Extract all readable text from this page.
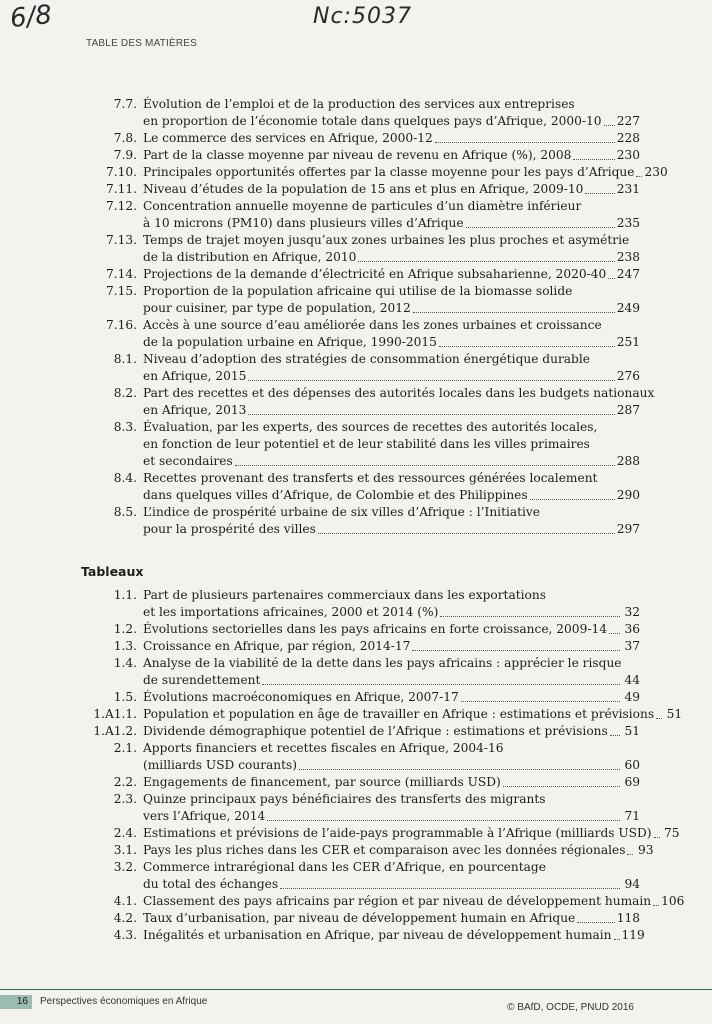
6/8	Nc:5037
TABLE DES MATIÈRES
7.7. Évolution de l’emploi et de la production des services aux entreprises
en proportion de l’économie totale dans quelques pays d’Afrique, 2000-10 227
7.8. Le commerce des services en Afrique, 2000-12	228
7.9. Part de la classe moyenne par niveau de revenu en Afrique (%), 2008	230
7.10. Principales opportunités offertes par la classe moyenne pour les pays d’Afrique 230
7.11. Niveau d’études de la population de 15 ans et plus en Afrique, 2009-10	231
7.12. Concentration annuelle moyenne de particules d’un diamètre inférieur
à 10 microns (PM10) dans plusieurs villes d’Afrique	235
7.13. Temps de trajet moyen jusqu’aux zones urbaines les plus proches et asymétrie
de la distribution en Afrique, 2010	238
7.14. Projections de la demande d’électricité en Afrique subsaharienne, 2020-40 247
7.15. Proportion de la population africaine qui utilise de la biomasse solide
pour cuisiner, par type de population, 2012	249
7.16. Accès à une source d’eau améliorée dans les zones urbaines et croissance
de la population urbaine en Afrique, 1990-2015	251
8.1. Niveau d’adoption des stratégies de consommation énergétique durable
en Afrique, 2015	276
8.2. Part des recettes et des dépenses des autorités locales dans les budgets nationaux
en Afrique, 2013	287
8.3. Évaluation, par les experts, des sources de recettes des autorités locales,
en fonction de leur potentiel et de leur stabilité dans les villes primaires
et secondaires	288
8.4. Recettes provenant des transferts et des ressources générées localement
dans quelques villes d’Afrique, de Colombie et des Philippines	290
8.5. L’indice de prospérité urbaine de six villes d’Afrique : l’Initiative
pour la prospérité des villes	297
Tableaux
1.1. Part de plusieurs partenaires commerciaux dans les exportations
et les importations africaines, 2000 et 2014 (%)	32
1.2. Évolutions sectorielles dans les pays africains en forte croissance, 2009-14 36
1.3. Croissance en Afrique, par région, 2014-17	37
1.4. Analyse de la viabilité de la dette dans les pays africains : apprécier le risque
de surendettement	44
1.5. Évolutions macroéconomiques en Afrique, 2007-17	49
1.A1.1. Population et population en âge de travailler en Afrique : estimations et prévisions 51
1.A1.2. Dividende démographique potentiel de l’Afrique : estimations et prévisions 51
2.1. Apports financiers et recettes fiscales en Afrique, 2004-16
(milliards USD courants)	60
2.2. Engagements de financement, par source (milliards USD)	69
2.3. Quinze principaux pays bénéficiaires des transferts des migrants
vers l’Afrique, 2014	71
2.4. Estimations et prévisions de l’aide-pays programmable à l’Afrique (milliards USD) 75
3.1. Pays les plus riches dans les CER et comparaison avec les données régionales 93
3.2. Commerce intrarégional dans les CER d’Afrique, en pourcentage
du total des échanges	94
4.1. Classement des pays africains par région et par niveau de développement humain 106
4.2. Taux d’urbanisation, par niveau de développement humain en Afrique	118
4.3. Inégalités et urbanisation en Afrique, par niveau de développement humain 119
16	Perspectives économiques en Afrique
© BAfD, OCDE, PNUD 2016
